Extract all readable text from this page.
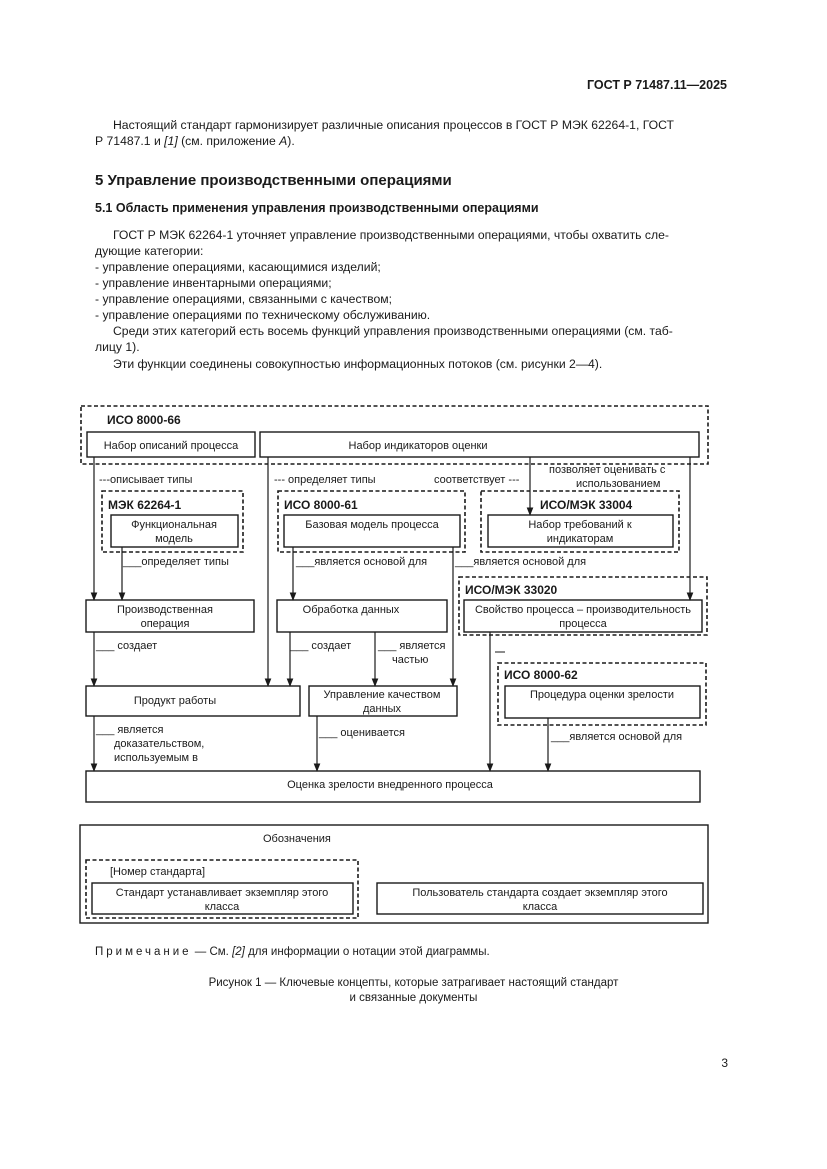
ГОСТ Р 71487.11—2025
Настоящий стандарт гармонизирует различные описания процессов в ГОСТ Р МЭК 62264-1, ГОСТ
Р 71487.1 и [1] (см. приложение А).
5 Управление производственными операциями
5.1 Область применения управления производственными операциями
ГОСТ Р МЭК 62264-1 уточняет управление производственными операциями, чтобы охватить сле-
дующие категории:
- управление операциями, касающимися изделий;
- управление инвентарными операциями;
- управление операциями, связанными с качеством;
- управление операциями по техническому обслуживанию.
Среди этих категорий есть восемь функций управления производственными операциями (см. таб-
лицу 1).
Эти функции соединены совокупностью информационных потоков (см. рисунки 2—4).
ИСО 8000-66
МЭК 62264-1	ИСО 8000-61	ИСО/МЭК 33004
ИСО/МЭК 33020
ИСО 8000-62
Набор описаний процесса	Набор индикаторов оценки
Функциональная
модель
Базовая модель процесса	Набор требований к
индикаторам
Производственная
операция
Обработка данных	Свойство процесса – производительность
процесса
Продукт работы	Управление качеством
данных
Процедура оценки зрелости
Оценка зрелости внедренного процесса
---описывает типы	--- определяет типы	соответствует ---
позволяет оценивать с
использованием
___определяет типы	___является основой для	___является основой для
___ создает	___ создает ___ является
частью
___ является
доказательством,
используемым в
___ оценивается	___является основой для
Обозначения
[Номер стандарта]
Стандарт устанавливает экземпляр этого
класса
Пользователь стандарта создает экземпляр этого
класса
Примечание — См. [2] для информации о нотации этой диаграммы.
Рисунок 1 — Ключевые концепты, которые затрагивает настоящий стандарт
и связанные документы
3
